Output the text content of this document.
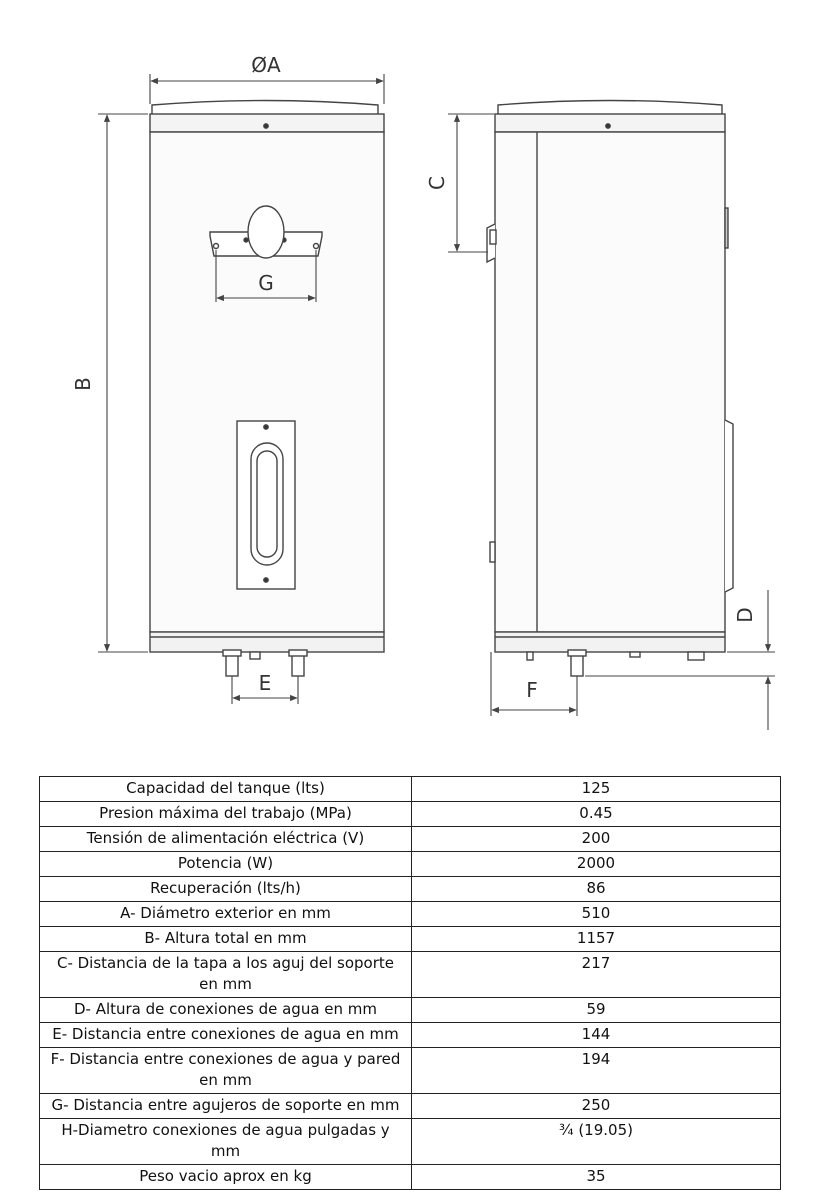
ØA
B
G
E
C
D
F
Capacidad del tanque (lts)	125
Presion máxima del trabajo (MPa)	0.45
Tensión de alimentación eléctrica (V)	200
Potencia (W)	2000
Recuperación (lts/h)	86
A- Diámetro exterior en mm	510
B- Altura total en mm	1157
C- Distancia de la tapa a los aguj del soporte en mm	217
D- Altura de conexiones de agua en mm	59
E- Distancia entre conexiones de agua en mm	144
F- Distancia entre conexiones de agua y pared en mm	194
G- Distancia entre agujeros de soporte en mm	250
H-Diametro conexiones de agua pulgadas y mm	¾ (19.05)
Peso vacio aprox en kg	35
